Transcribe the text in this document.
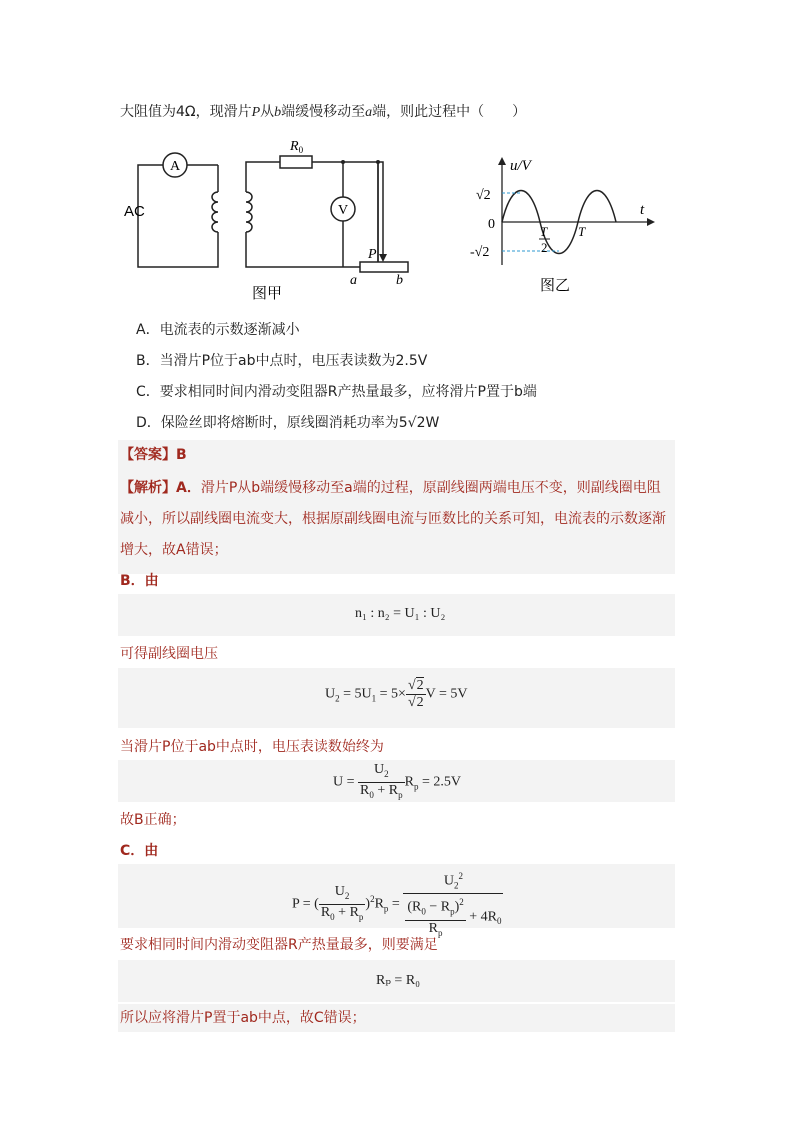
大阻值为4Ω，现滑片P从b端缓慢移动至a端，则此过程中（　　）
A
V
AC
$R_0$
P
a	b
图甲
u/V
t
√2
0
-√2
T
2
T
图乙
A．电流表的示数逐渐减小
B．当滑片P位于ab中点时，电压表读数为2.5V
C．要求相同时间内滑动变阻器R产热量最多，应将滑片P置于b端
D．保险丝即将熔断时，原线圈消耗功率为5√2W
【答案】B
【解析】A．滑片P从b端缓慢移动至a端的过程，原副线圈两端电压不变，则副线圈电阻
减小，所以副线圈电流变大，根据原副线圈电流与匝数比的关系可知，电流表的示数逐渐
增大，故A错误；
B．由
n₁ : n₂ = U₁ : U₂
可得副线圈电压
$U_2 = 5U_1 = 5\times \frac{√2}{√2}$ V = 5V
当滑片P位于ab中点时，电压表读数始终为
$U = \frac{U_2}{R_0 + R_p} R_p = 2.5V$
故B正确；
C．由
P = ( $\frac{U_2}{R_0 + R_p} )^2R_p = \frac{U_2^2}{\frac{(R_0 - R_p)^2}{R_p} + 4R_0}$
要求相同时间内滑动变阻器R产热量最多，则要满足
Rₚ = R₀
所以应将滑片P置于ab中点，故C错误；
